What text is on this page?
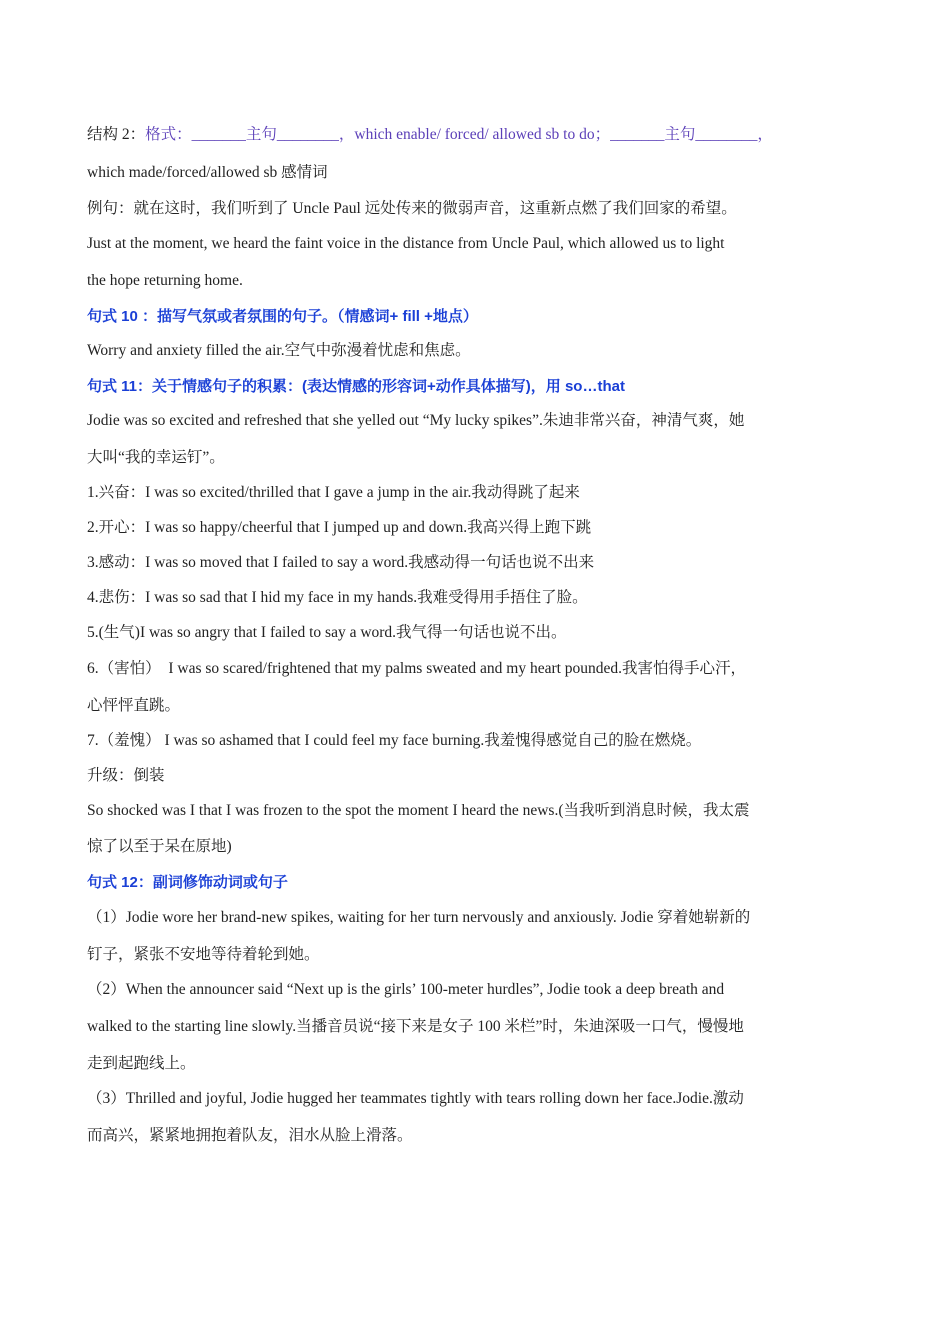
结构 2：格式：_______主句________，which enable/ forced/ allowed sb to do；_______主句________，
which made/forced/allowed sb 感情词
例句：就在这时，我们听到了 Uncle Paul 远处传来的微弱声音，这重新点燃了我们回家的希望。
Just at the moment, we heard the faint voice in the distance from Uncle Paul, which allowed us to light
the hope returning home.
句式 10 ：描写气氛或者氛围的句子。（情感词+ fill +地点）
Worry and anxiety filled the air.空气中弥漫着忧虑和焦虑。
句式 11：关于情感句子的积累：(表达情感的形容词+动作具体描写)，用 so…that
Jodie was so excited and refreshed that she yelled out “My lucky spikes”.朱迪非常兴奋，神清气爽，她
大叫“我的幸运钉”。
1.兴奋：I was so excited/thrilled that I gave a jump in the air.我动得跳了起来
2.开心：I was so happy/cheerful that I jumped up and down.我高兴得上跑下跳
3.感动：I was so moved that I failed to say a word.我感动得一句话也说不出来
4.悲伤：I was so sad that I hid my face in my hands.我难受得用手捂住了脸。
5.(生气)I was so angry that I failed to say a word.我气得一句话也说不出。
6.（害怕）　I was so scared/frightened that my palms sweated and my heart pounded.我害怕得手心汗，
心怦怦直跳。
7.（羞愧） I was so ashamed that I could feel my face burning.我羞愧得感觉自己的脸在燃烧。
升级：倒装
So shocked was I that I was frozen to the spot the moment I heard the news.(当我听到消息时候，我太震
惊了以至于呆在原地)
句式 12：副词修饰动词或句子
（1）Jodie wore her brand-new spikes, waiting for her turn nervously and anxiously. Jodie 穿着她崭新的
钉子，紧张不安地等待着轮到她。
（2）When the announcer said “Next up is the girls’ 100-meter hurdles”, Jodie took a deep breath and
walked to the starting line slowly.当播音员说“接下来是女子 100 米栏”时，朱迪深吸一口气，慢慢地
走到起跑线上。
（3）Thrilled and joyful, Jodie hugged her teammates tightly with tears rolling down her face.Jodie.激动
而高兴，紧紧地拥抱着队友，泪水从脸上滑落。
